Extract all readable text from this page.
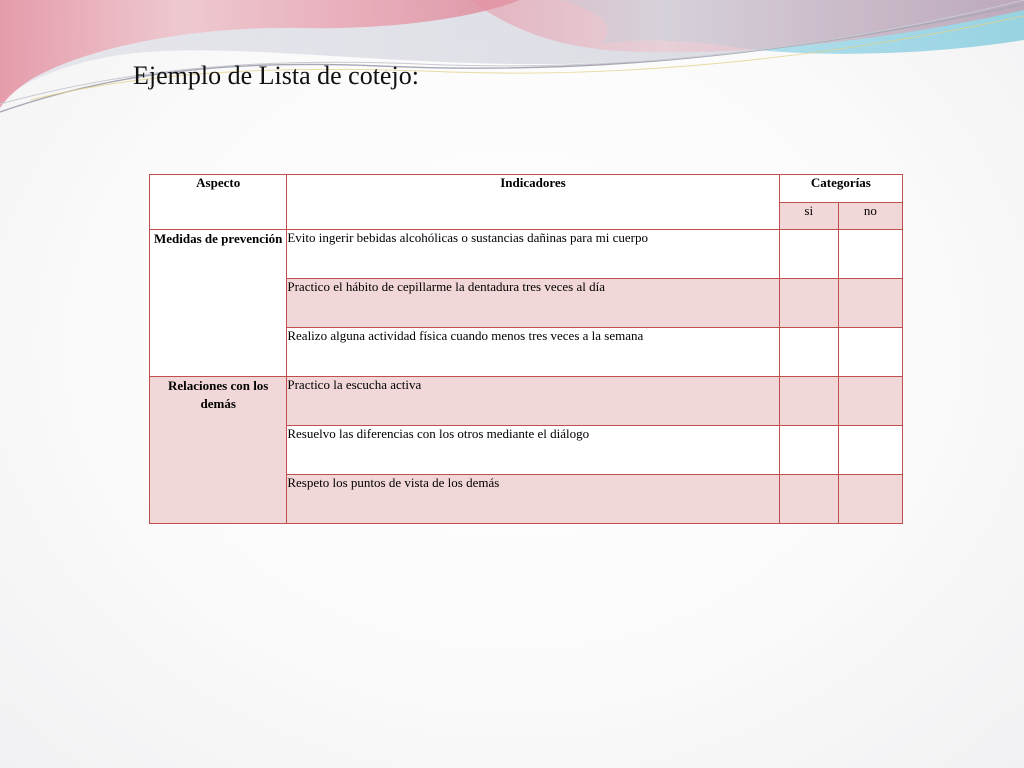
Ejemplo de Lista de cotejo:
Aspecto	Indicadores	Categorías	
		si	no
Medidas de prevención	Evito ingerir bebidas alcohólicas o sustancias dañinas para mi cuerpo		
	Practico el hábito de cepillarme la dentadura tres veces al día		
	Realizo alguna actividad física cuando menos tres veces a la semana		
Relaciones con los demás	Practico la escucha activa		
	Resuelvo las diferencias con los otros mediante el diálogo		
	Respeto los puntos de vista de los demás		
